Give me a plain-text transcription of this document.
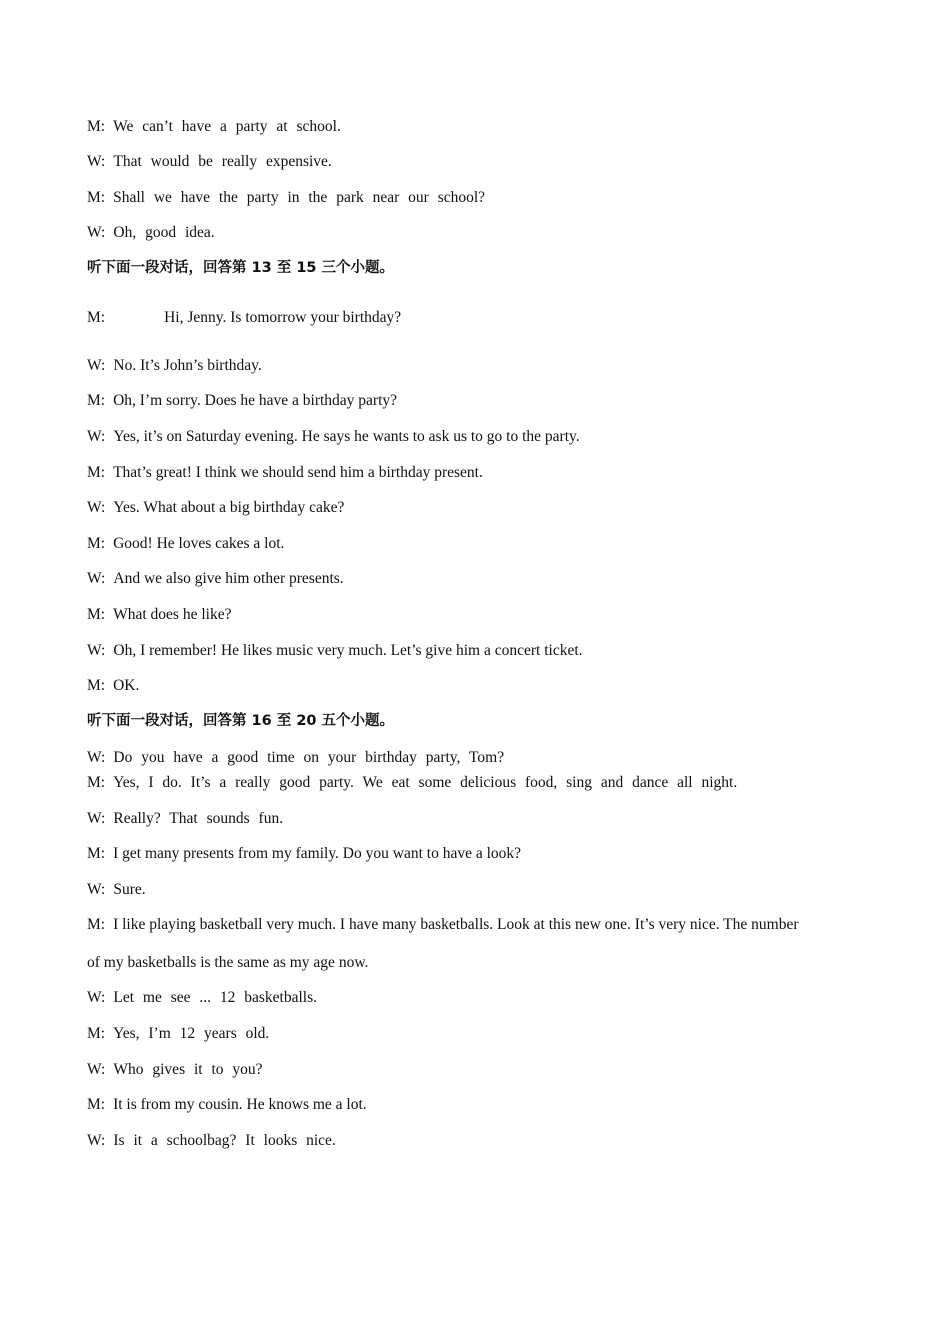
M: We can’t have a party at school.
W: That would be really expensive.
M: Shall we have the party in the park near our school?
W: Oh, good idea.
听下面一段对话，回答第 13 至 15 三个小题。
M:	Hi, Jenny. Is tomorrow your birthday?
W: No. It’s John’s birthday.
M: Oh, I’m sorry. Does he have a birthday party?
W: Yes, it’s on Saturday evening. He says he wants to ask us to go to the party.
M: That’s great! I think we should send him a birthday present.
W: Yes. What about a big birthday cake?
M: Good! He loves cakes a lot.
W: And we also give him other presents.
M: What does he like?
W: Oh, I remember! He likes music very much. Let’s give him a concert ticket.
M: OK.
听下面一段对话，回答第 16 至 20 五个小题。
W: Do you have a good time on your birthday party, Tom?
M: Yes, I do. It’s a really good party. We eat some delicious food, sing and dance all night.
W: Really? That sounds fun.
M: I get many presents from my family. Do you want to have a look?
W: Sure.
M: I like playing basketball very much. I have many basketballs. Look at this new one. It’s very nice. The number
of my basketballs is the same as my age now.
W: Let me see ... 12 basketballs.
M: Yes, I’m 12 years old.
W: Who gives it to you?
M: It is from my cousin. He knows me a lot.
W: Is it a schoolbag? It looks nice.
